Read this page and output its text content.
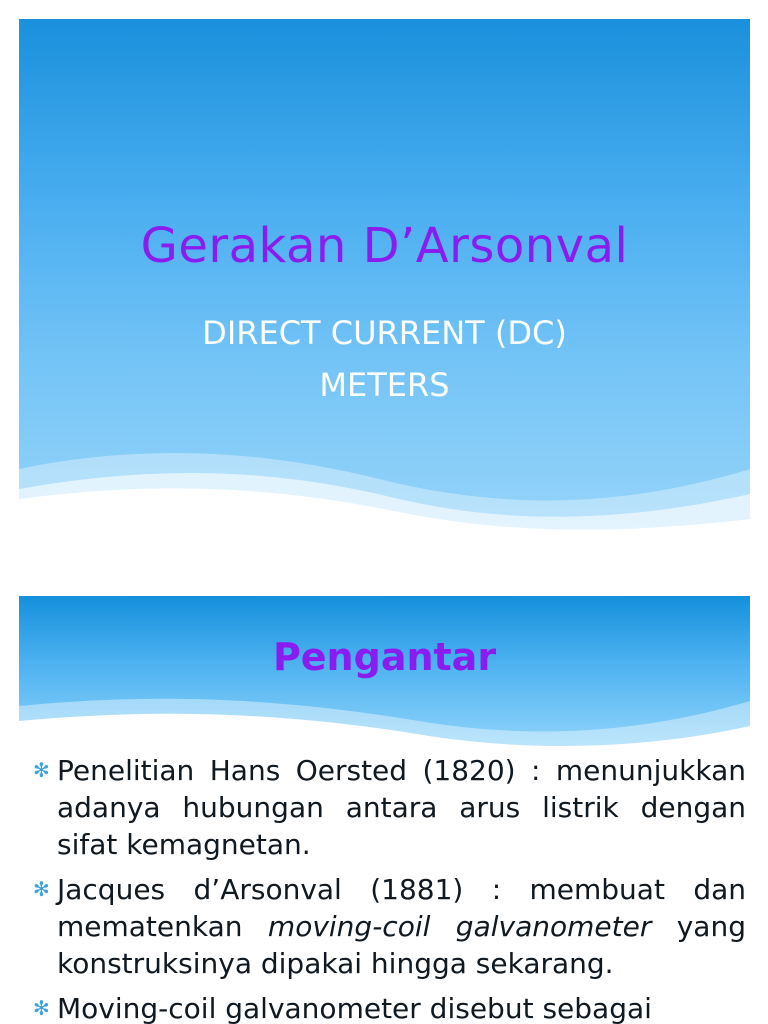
Gerakan D’Arsonval
DIRECT CURRENT (DC)
METERS
Pengantar
✻ Penelitian Hans Oersted (1820) : menunjukkan adanya hubungan antara arus listrik dengan sifat kemagnetan.
✻ Jacques d’Arsonval (1881) : membuat dan mematenkan moving-coil galvanometer yang konstruksinya dipakai hingga sekarang.
✻ Moving-coil galvanometer disebut sebagai
